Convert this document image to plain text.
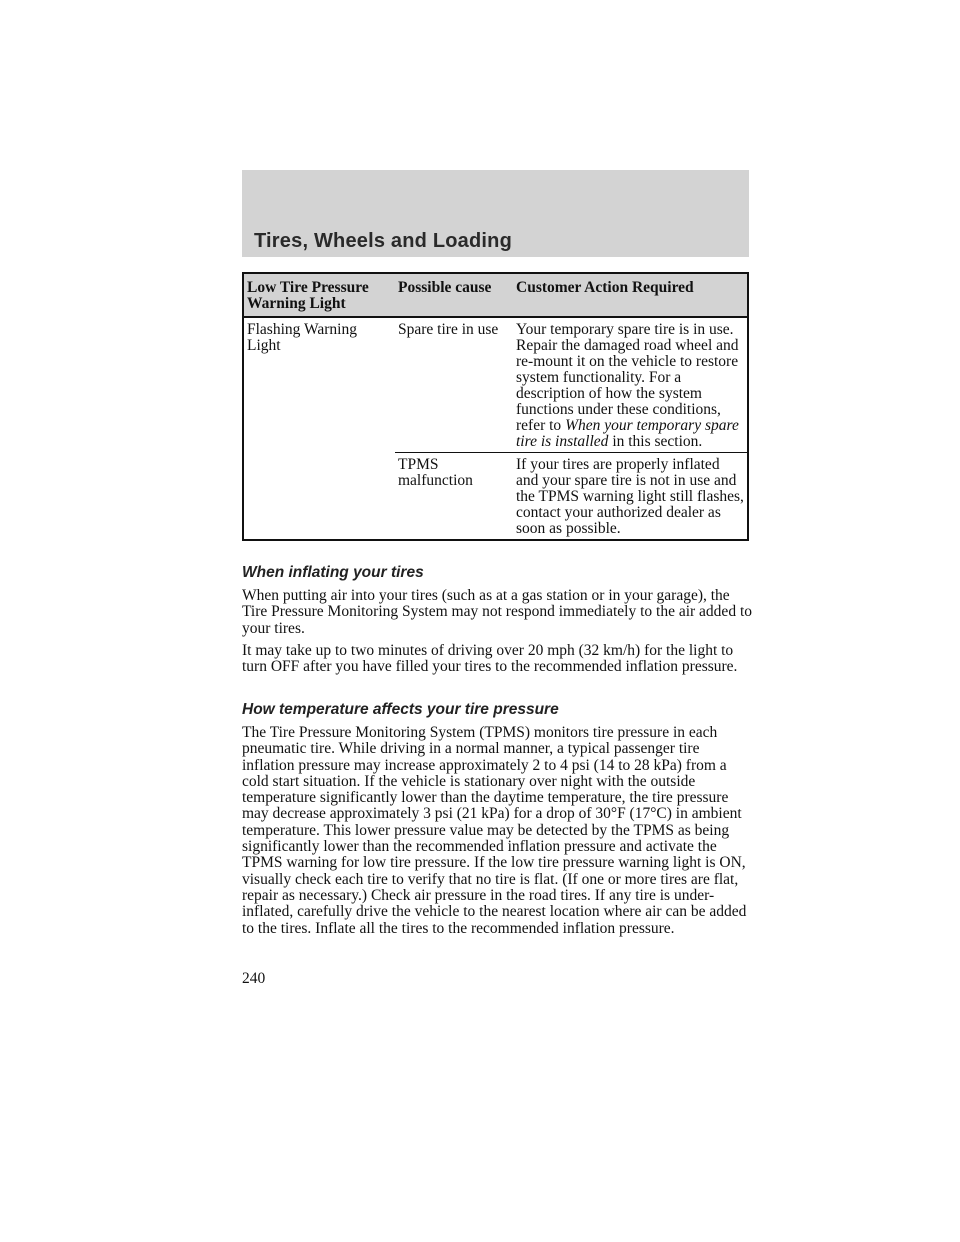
Tires, Wheels and Loading
Low Tire Pressure Warning Light	Possible cause	Customer Action Required
Flashing Warning Light	Spare tire in use	Your temporary spare tire is in use. Repair the damaged road wheel and re-mount it on the vehicle to restore system functionality. For a description of how the system functions under these conditions, refer to When your temporary spare tire is installed in this section.
	TPMS malfunction	If your tires are properly inflated and your spare tire is not in use and the TPMS warning light still flashes, contact your authorized dealer as soon as possible.

When inflating your tires

When putting air into your tires (such as at a gas station or in your garage), the Tire Pressure Monitoring System may not respond immediately to the air added to your tires.

It may take up to two minutes of driving over 20 mph (32 km/h) for the light to turn OFF after you have filled your tires to the recommended inflation pressure.

How temperature affects your tire pressure

The Tire Pressure Monitoring System (TPMS) monitors tire pressure in each pneumatic tire. While driving in a normal manner, a typical passenger tire inflation pressure may increase approximately 2 to 4 psi (14 to 28 kPa) from a cold start situation. If the vehicle is stationary over night with the outside temperature significantly lower than the daytime temperature, the tire pressure may decrease approximately 3 psi (21 kPa) for a drop of 30°F (17°C) in ambient temperature. This lower pressure value may be detected by the TPMS as being significantly lower than the recommended inflation pressure and activate the TPMS warning for low tire pressure. If the low tire pressure warning light is ON, visually check each tire to verify that no tire is flat. (If one or more tires are flat, repair as necessary.) Check air pressure in the road tires. If any tire is under-inflated, carefully drive the vehicle to the nearest location where air can be added to the tires. Inflate all the tires to the recommended inflation pressure.

240
